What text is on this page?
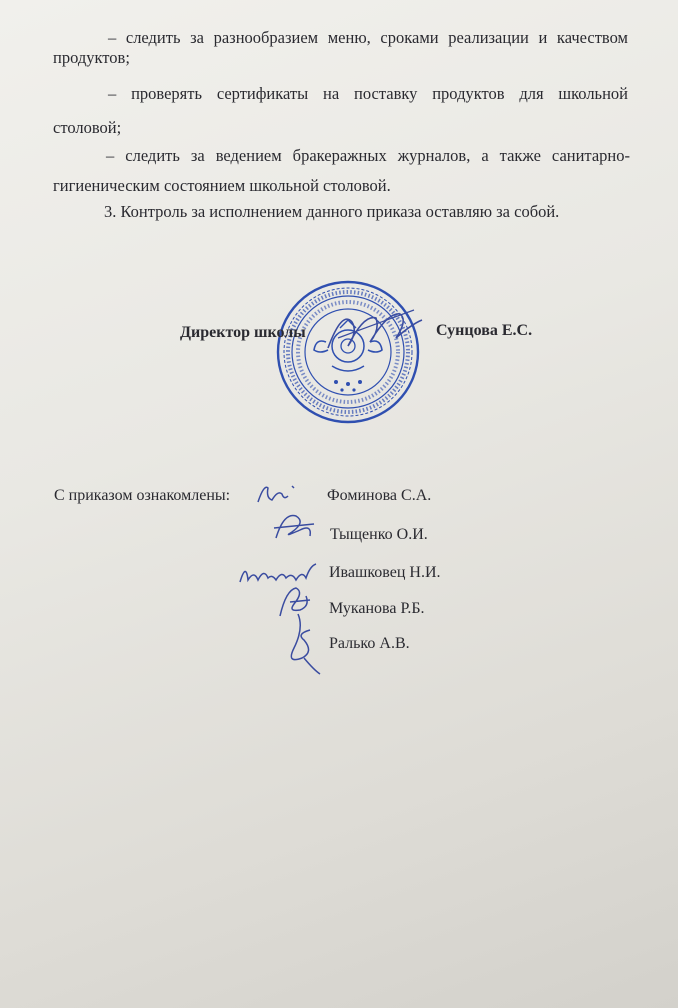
– следить за разнообразием меню, сроками реализации и качеством
продуктов;
– проверять сертификаты на поставку продуктов для школьной
столовой;
– следить за ведением бракеражных журналов, а также санитарно-
гигиеническим состоянием школьной столовой.
3. Контроль за исполнением данного приказа оставляю за собой.
Директор школы	Сунцова Е.С.
С приказом ознакомлены:	Фоминова С.А.
Тыщенко О.И.
Ивашковец Н.И.
Муканова Р.Б.
Ралько А.В.
